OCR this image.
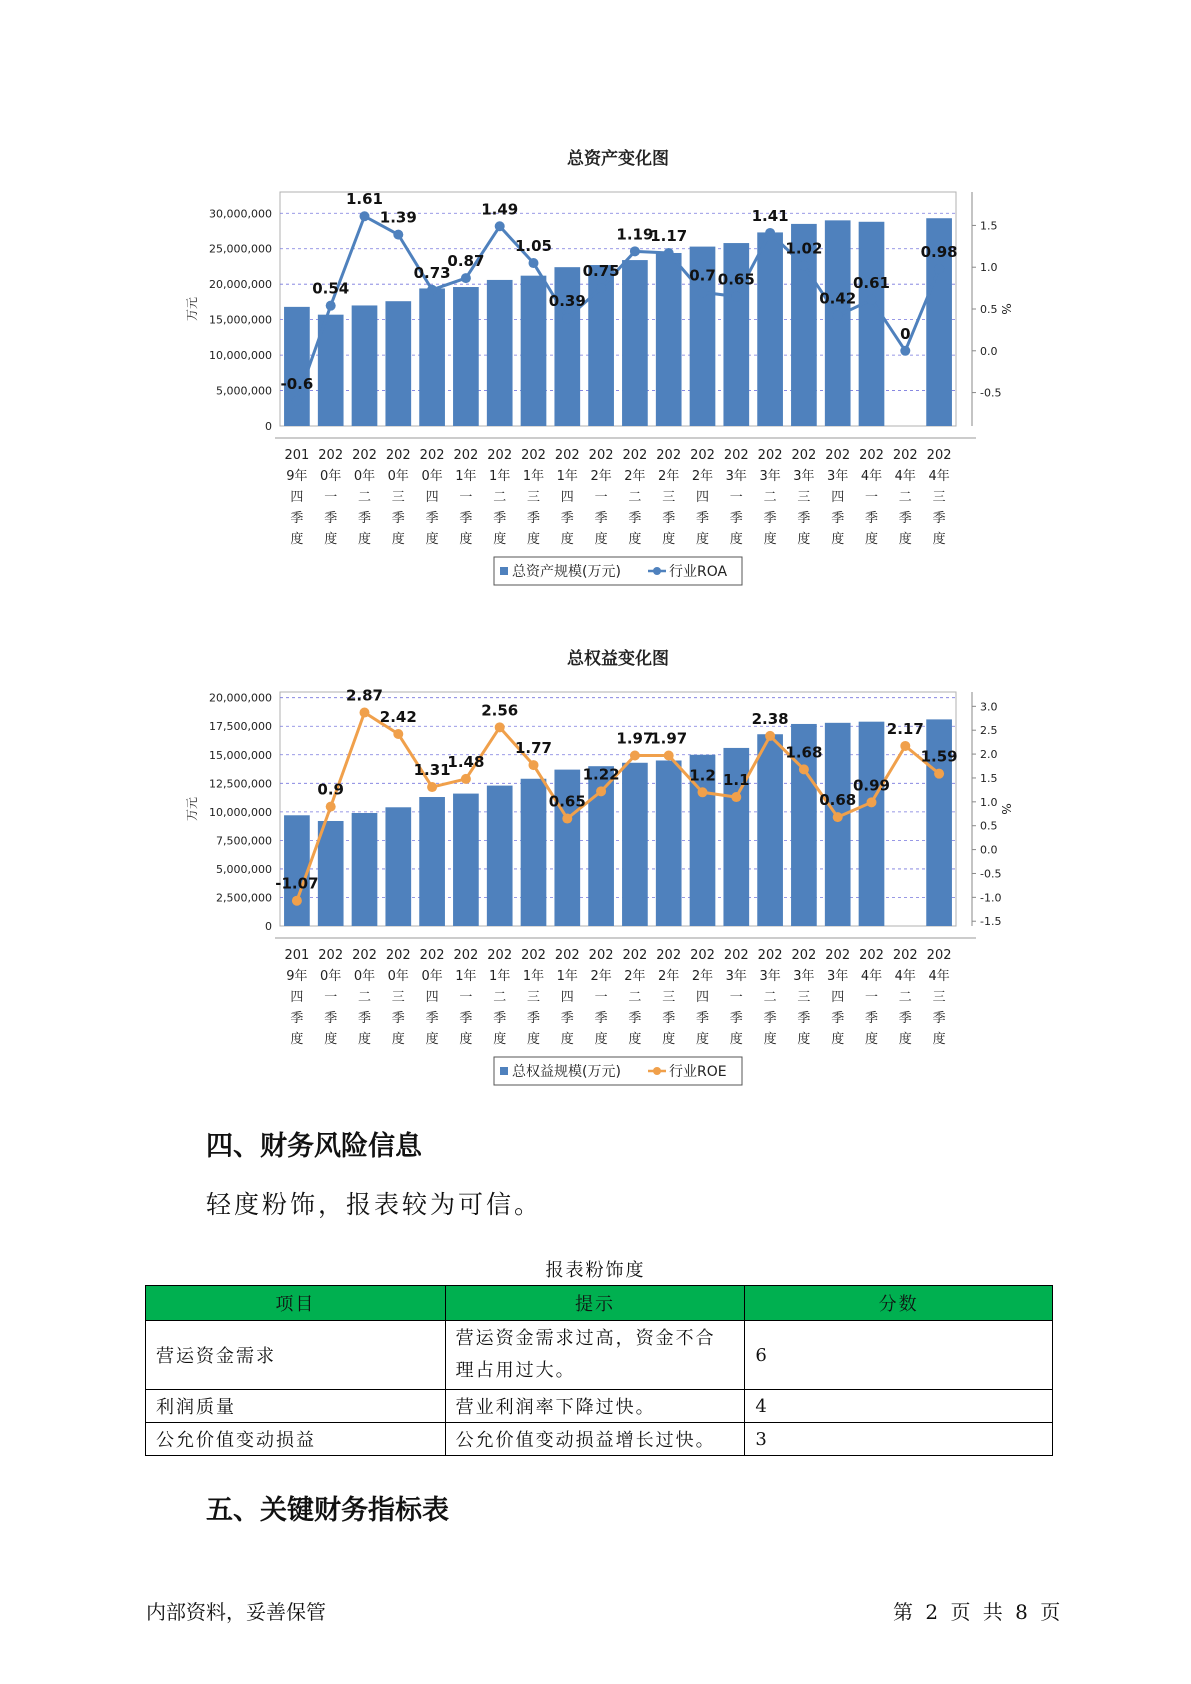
总资产变化图
0
5,000,000
10,000,000
15,000,000
20,000,000
25,000,000
30,000,000
-0.5
0.0
0.5
1.0
1.5
万元	%
-0.6
0.54
1.61
1.39
0.73
0.87
1.49
1.05
0.39
0.75
1.19
1.17
0.7 0.65
1.41
1.02
0.42
0.61
0
0.98
201
9年
四
季
度
202
0年
一
季
度
202
0年
二
季
度
202
0年
三
季
度
202
0年
四
季
度
202
1年
一
季
度
202
1年
二
季
度
202
1年
三
季
度
202
1年
四
季
度
202
2年
一
季
度
202
2年
二
季
度
202
2年
三
季
度
202
2年
四
季
度
202
3年
一
季
度
202
3年
二
季
度
202
3年
三
季
度
202
3年
四
季
度
202
4年
一
季
度
202
4年
二
季
度
202
4年
三
季
度
总资产规模(万元)	行业ROA
总权益变化图
0
2,500,000
5,000,000
7,500,000
10,000,000
12,500,000
15,000,000
17,500,000
20,000,000
-1.5
-1.0
-0.5
0.0
0.5
1.0
1.5
2.0
2.5
3.0
万元	%
-1.07
0.9
2.87
2.42
1.31
1.48
2.56
1.77
0.65
1.22
1.97
1.97
1.2 1.1
2.38
1.68
0.68
0.99
2.17
1.59
201
9年
四
季
度
202
0年
一
季
度
202
0年
二
季
度
202
0年
三
季
度
202
0年
四
季
度
202
1年
一
季
度
202
1年
二
季
度
202
1年
三
季
度
202
1年
四
季
度
202
2年
一
季
度
202
2年
二
季
度
202
2年
三
季
度
202
2年
四
季
度
202
3年
一
季
度
202
3年
二
季
度
202
3年
三
季
度
202
3年
四
季
度
202
4年
一
季
度
202
4年
二
季
度
202
4年
三
季
度
总权益规模(万元)	行业ROE
四、财务风险信息

轻度粉饰，报表较为可信。

报表粉饰度
项目	提示	分数
营运资金需求	营运资金需求过高，资金不合理占用过大。	6
利润质量	营业利润率下降过快。	4
公允价值变动损益	公允价值变动损益增长过快。	3
五、关键财务指标表
内部资料，妥善保管	第 2 页 共 8 页
